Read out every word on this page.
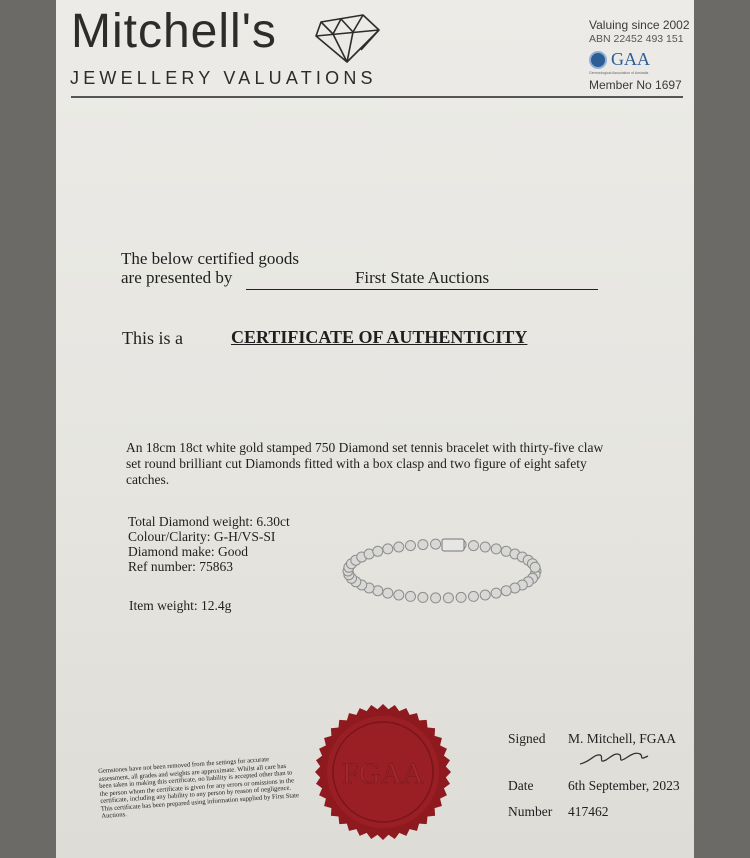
Mitchell's
JEWELLERY VALUATIONS
Valuing since 2002
ABN 22452 493 151
GAA
Gemmological Association of Australia
Member No 1697
The below certified goods
are presented by	First State Auctions
This is a	CERTIFICATE OF AUTHENTICITY
An 18cm 18ct white gold stamped 750 Diamond set tennis bracelet with thirty-five claw set round brilliant cut Diamonds fitted with a box clasp and two figure of eight safety catches.
Total Diamond weight: 6.30ct
Colour/Clarity: G-H/VS-SI
Diamond make: Good
Ref number: 75863
Item weight: 12.4g
FGAA
Gemstones have not been removed from the settings for accurate assessment, all grades and weights are approximate. Whilst all care has been taken in making this certificate, no liability is accepted other than to the person whom the certificate is given for any errors or omissions in the certificate, including any liability to any person by reason of negligence. This certificate has been prepared using information supplied by First State Auctions.
Signed M. Mitchell, FGAA
Date	6th September, 2023
Number 417462
